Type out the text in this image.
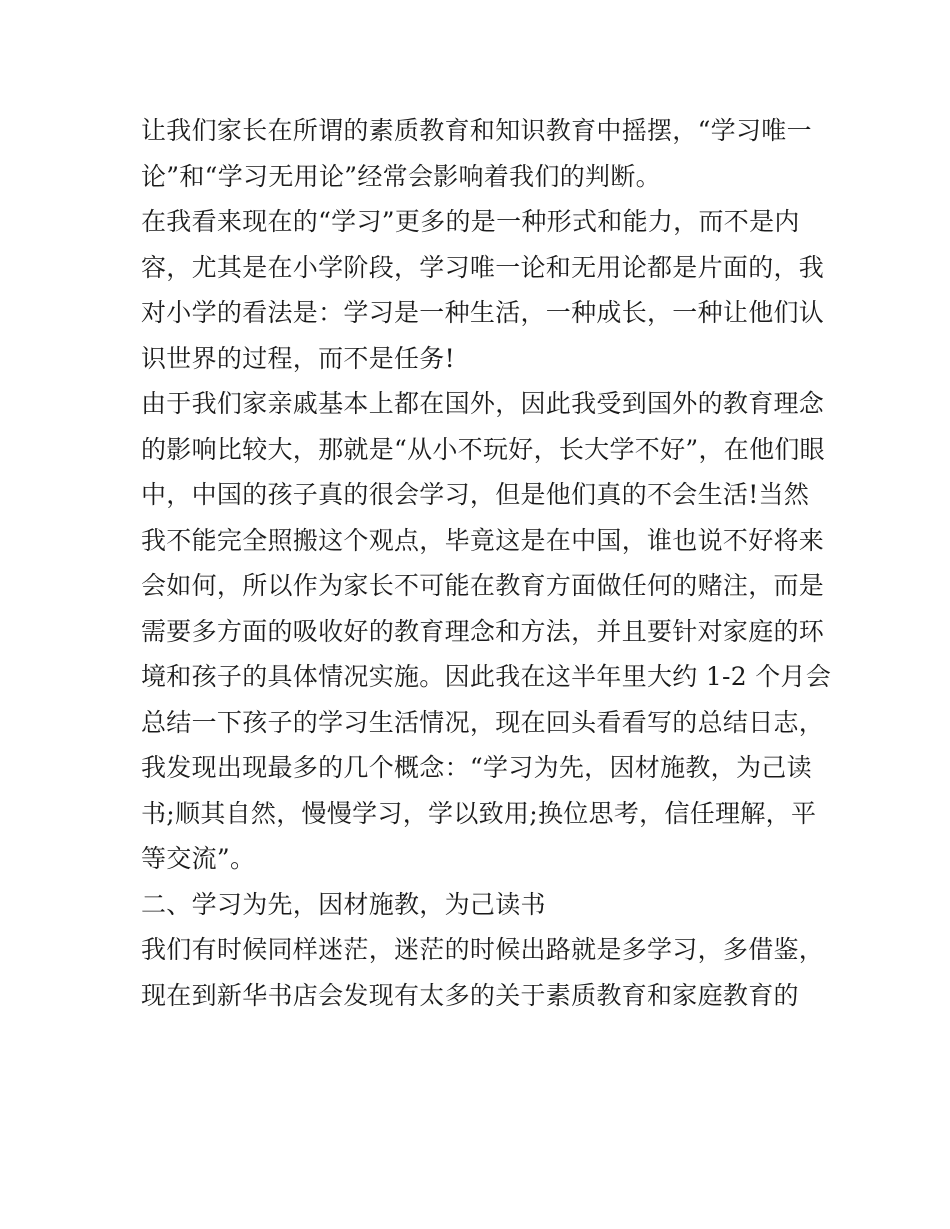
让我们家长在所谓的素质教育和知识教育中摇摆，“学习唯一
论”和“学习无用论”经常会影响着我们的判断。
在我看来现在的“学习”更多的是一种形式和能力，而不是内
容，尤其是在小学阶段，学习唯一论和无用论都是片面的，我
对小学的看法是：学习是一种生活，一种成长，一种让他们认
识世界的过程，而不是任务!
由于我们家亲戚基本上都在国外，因此我受到国外的教育理念
的影响比较大，那就是“从小不玩好，长大学不好”，在他们眼
中，中国的孩子真的很会学习，但是他们真的不会生活!当然
我不能完全照搬这个观点，毕竟这是在中国，谁也说不好将来
会如何，所以作为家长不可能在教育方面做任何的赌注，而是
需要多方面的吸收好的教育理念和方法，并且要针对家庭的环
境和孩子的具体情况实施。因此我在这半年里大约 1-2 个月会
总结一下孩子的学习生活情况，现在回头看看写的总结日志，
我发现出现最多的几个概念：“学习为先，因材施教，为己读
书;顺其自然，慢慢学习，学以致用;换位思考，信任理解，平
等交流”。
二、学习为先，因材施教，为己读书
我们有时候同样迷茫，迷茫的时候出路就是多学习，多借鉴，
现在到新华书店会发现有太多的关于素质教育和家庭教育的
